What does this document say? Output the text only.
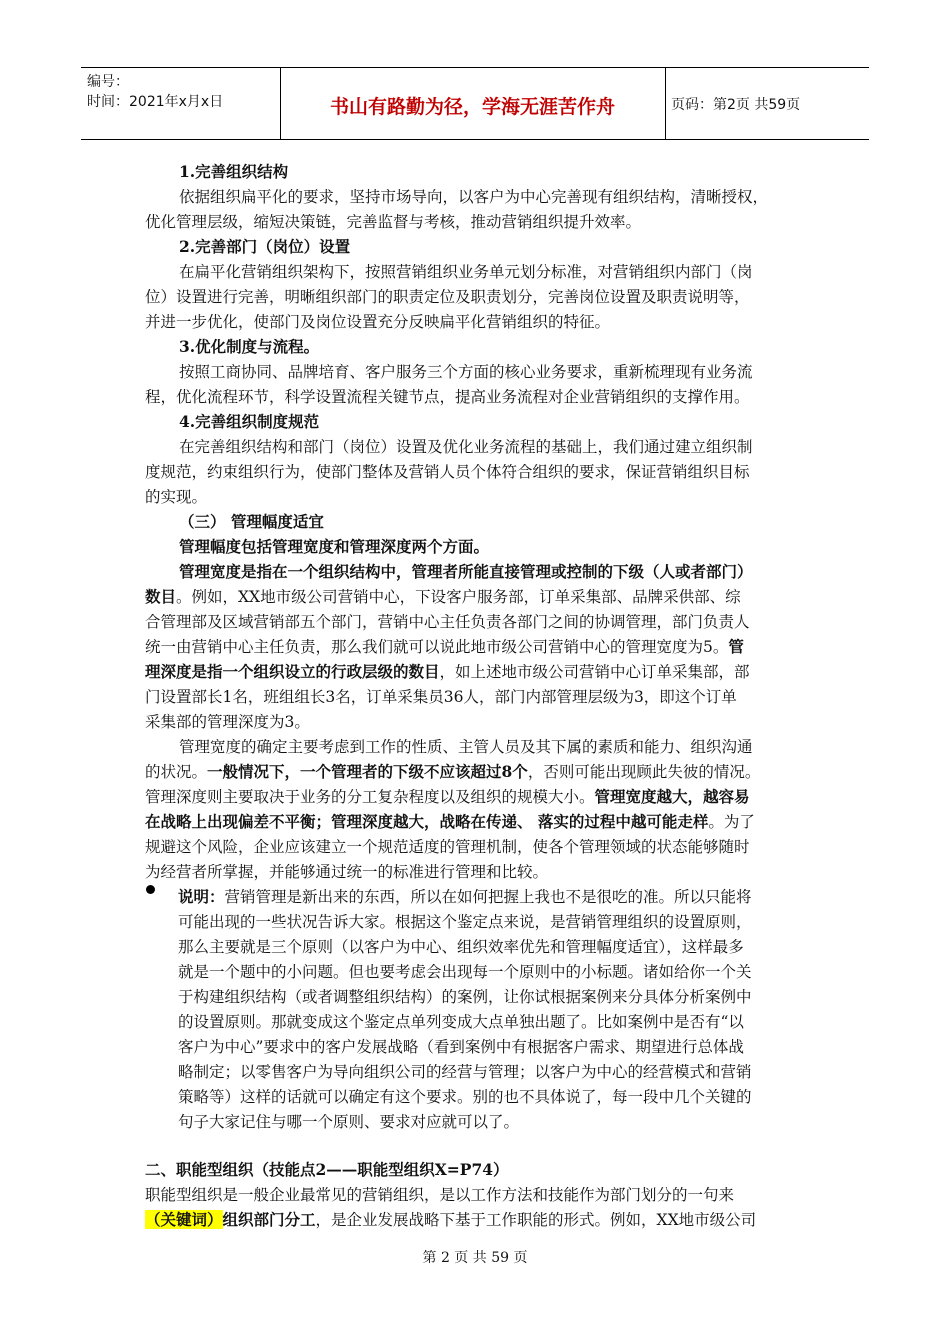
编号：
时间：2021年x月x日	书山有路勤为径，学海无涯苦作舟	页码：第2页 共59页
1.完善组织结构
依据组织扁平化的要求，坚持市场导向，以客户为中心完善现有组织结构，清晰授权，
优化管理层级，缩短决策链，完善监督与考核，推动营销组织提升效率。
2.完善部门（岗位）设置
在扁平化营销组织架构下，按照营销组织业务单元划分标准，对营销组织内部门（岗
位）设置进行完善，明晰组织部门的职责定位及职责划分，完善岗位设置及职责说明等，
并进一步优化，使部门及岗位设置充分反映扁平化营销组织的特征。
3.优化制度与流程。
按照工商协同、品牌培育、客户服务三个方面的核心业务要求，重新梳理现有业务流
程，优化流程环节，科学设置流程关键节点，提高业务流程对企业营销组织的支撑作用。
4.完善组织制度规范
在完善组织结构和部门（岗位）设置及优化业务流程的基础上，我们通过建立组织制
度规范，约束组织行为，使部门整体及营销人员个体符合组织的要求，保证营销组织目标
的实现。
（三） 管理幅度适宜
管理幅度包括管理宽度和管理深度两个方面。
管理宽度是指在一个组织结构中，管理者所能直接管理或控制的下级（人或者部门）
数目。例如，XX地市级公司营销中心，下设客户服务部，订单采集部、品牌采供部、综
合管理部及区域营销部五个部门，营销中心主任负责各部门之间的协调管理，部门负责人
统一由营销中心主任负责，那么我们就可以说此地市级公司营销中心的管理宽度为5。管
理深度是指一个组织设立的行政层级的数目，如上述地市级公司营销中心订单采集部，部
门设置部长1名，班组组长3名，订单采集员36人，部门内部管理层级为3，即这个订单
采集部的管理深度为3。
管理宽度的确定主要考虑到工作的性质、主管人员及其下属的素质和能力、组织沟通
的状况。一般情况下，一个管理者的下级不应该超过8个，否则可能出现顾此失彼的情况。
管理深度则主要取决于业务的分工复杂程度以及组织的规模大小。管理宽度越大，越容易
在战略上出现偏差不平衡；管理深度越大，战略在传递、 落实的过程中越可能走样。为了
规避这个风险，企业应该建立一个规范适度的管理机制，使各个管理领域的状态能够随时
为经营者所掌握，并能够通过统一的标准进行管理和比较。
说明：营销管理是新出来的东西，所以在如何把握上我也不是很吃的准。所以只能将
可能出现的一些状况告诉大家。根据这个鉴定点来说，是营销管理组织的设置原则，
那么主要就是三个原则（以客户为中心、组织效率优先和管理幅度适宜），这样最多
就是一个题中的小问题。但也要考虑会出现每一个原则中的小标题。诸如给你一个关
于构建组织结构（或者调整组织结构）的案例，让你试根据案例来分具体分析案例中
的设置原则。那就变成这个鉴定点单列变成大点单独出题了。比如案例中是否有“以
客户为中心”要求中的客户发展战略（看到案例中有根据客户需求、期望进行总体战
略制定；以零售客户为导向组织公司的经营与管理；以客户为中心的经营模式和营销
策略等）这样的话就可以确定有这个要求。别的也不具体说了，每一段中几个关键的
句子大家记住与哪一个原则、要求对应就可以了。
二、职能型组织（技能点2——职能型组织X=P74）
职能型组织是一般企业最常见的营销组织，是以工作方法和技能作为部门划分的一句来
（关键词）组织部门分工，是企业发展战略下基于工作职能的形式。例如，XX地市级公司
第 2 页 共 59 页
